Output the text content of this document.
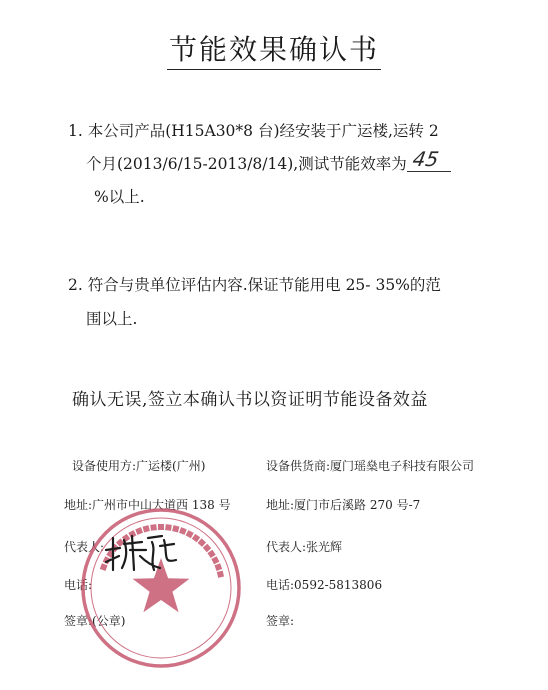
节能效果确认书
1. 本公司产品(H15A30*8 台)经安装于广运楼,运转 2
个月(2013/6/15-2013/8/14),测试节能效率为 45
%以上.
2. 符合与贵单位评估内容.保证节能用电 25- 35%的范
围以上.
确认无误,签立本确认书以资证明节能设备效益
设备使用方:广运楼(广州)
地址:广州市中山大道西 138 号
代表人:
电话:
签章:(公章)
设备供货商:厦门瑶燊电子科技有限公司
地址:厦门市后溪路 270 号-7
代表人:张光辉
电话:0592-5813806
签章:
